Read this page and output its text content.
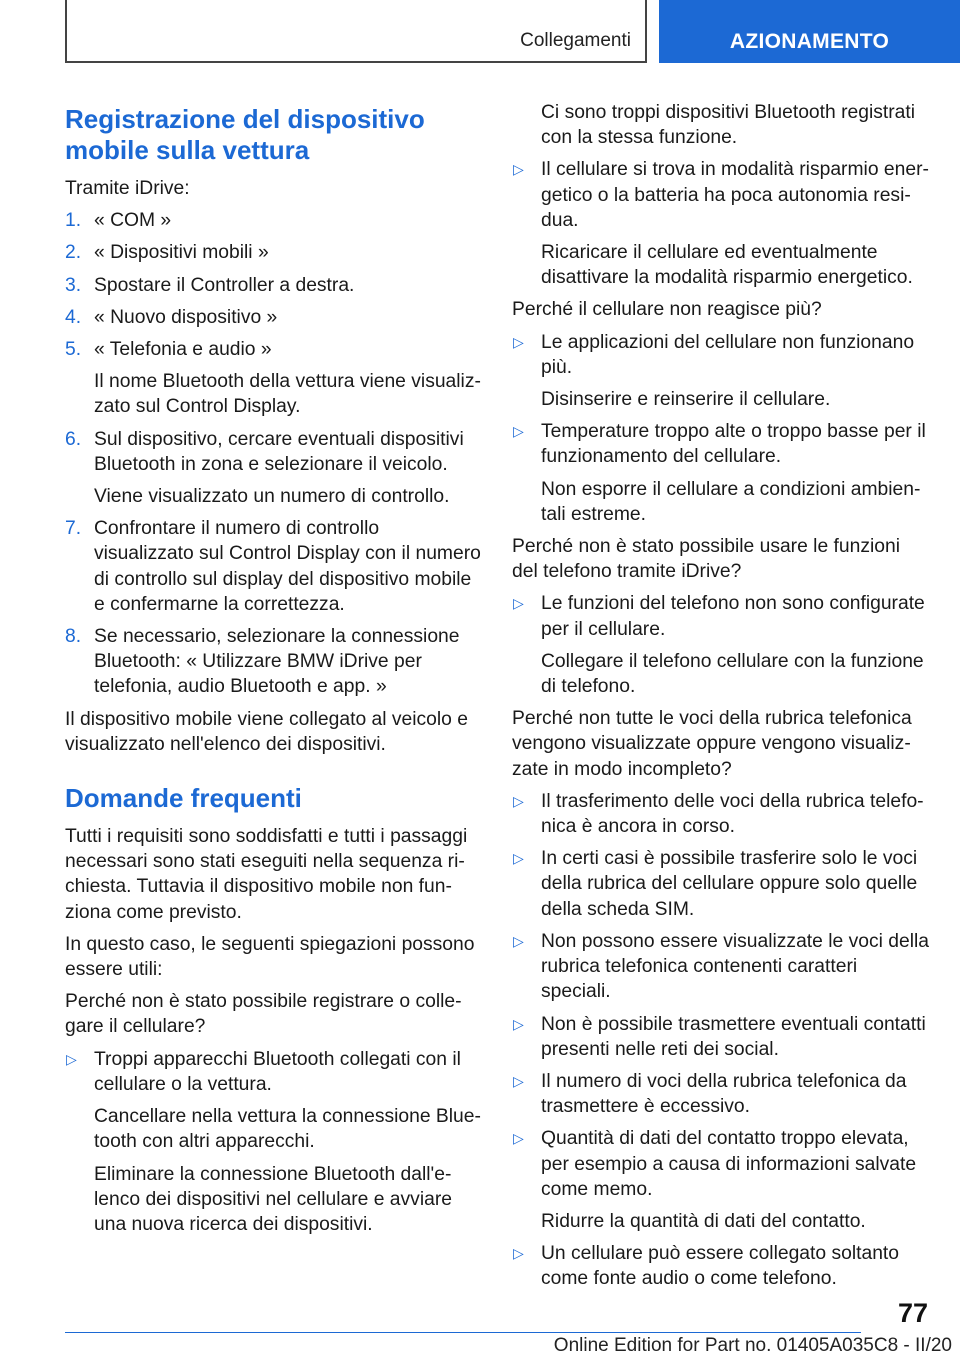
Collegamenti	AZIONAMENTO
Registrazione del dispositivo mobile sulla vettura

Tramite iDrive:

1. « COM »
2. « Dispositivi mobili »
3. Spostare il Controller a destra.
4. « Nuovo dispositivo »
5. « Telefonia e audio »
Il nome Bluetooth della vettura viene visualizzato sul Control Display.
6. Sul dispositivo, cercare eventuali dispositivi Bluetooth in zona e selezionare il veicolo.
Viene visualizzato un numero di controllo.
7. Confrontare il numero di controllo visualizzato sul Control Display con il numero di controllo sul display del dispositivo mobile e confermarne la correttezza.
8. Se necessario, selezionare la connessione Bluetooth: « Utilizzare BMW iDrive per telefonia, audio Bluetooth e app. »

Il dispositivo mobile viene collegato al veicolo e visualizzato nell'elenco dei dispositivi.

Domande frequenti

Tutti i requisiti sono soddisfatti e tutti i passaggi necessari sono stati eseguiti nella sequenza richiesta. Tuttavia il dispositivo mobile non funziona come previsto.

In questo caso, le seguenti spiegazioni possono essere utili:

Perché non è stato possibile registrare o collegare il cellulare?

▷ Troppi apparecchi Bluetooth collegati con il cellulare o la vettura.
Cancellare nella vettura la connessione Bluetooth con altri apparecchi.
Eliminare la connessione Bluetooth dall'elenco dei dispositivi nel cellulare e avviare una nuova ricerca dei dispositivi.
Ci sono troppi dispositivi Bluetooth registrati con la stessa funzione.
▷ Il cellulare si trova in modalità risparmio energetico o la batteria ha poca autonomia residua.
Ricaricare il cellulare ed eventualmente disattivare la modalità risparmio energetico.

Perché il cellulare non reagisce più?

▷ Le applicazioni del cellulare non funzionano più.
Disinserire e reinserire il cellulare.
▷ Temperature troppo alte o troppo basse per il funzionamento del cellulare.
Non esporre il cellulare a condizioni ambientali estreme.

Perché non è stato possibile usare le funzioni del telefono tramite iDrive?

▷ Le funzioni del telefono non sono configurate per il cellulare.
Collegare il telefono cellulare con la funzione di telefono.

Perché non tutte le voci della rubrica telefonica vengono visualizzate oppure vengono visualizzate in modo incompleto?

▷ Il trasferimento delle voci della rubrica telefonica è ancora in corso.
▷ In certi casi è possibile trasferire solo le voci della rubrica del cellulare oppure solo quelle della scheda SIM.
▷ Non possono essere visualizzate le voci della rubrica telefonica contenenti caratteri speciali.
▷ Non è possibile trasmettere eventuali contatti presenti nelle reti dei social.
▷ Il numero di voci della rubrica telefonica da trasmettere è eccessivo.
▷ Quantità di dati del contatto troppo elevata, per esempio a causa di informazioni salvate come memo.
Ridurre la quantità di dati del contatto.
▷ Un cellulare può essere collegato soltanto come fonte audio o come telefono.
77
Online Edition for Part no. 01405A035C8 - II/20
